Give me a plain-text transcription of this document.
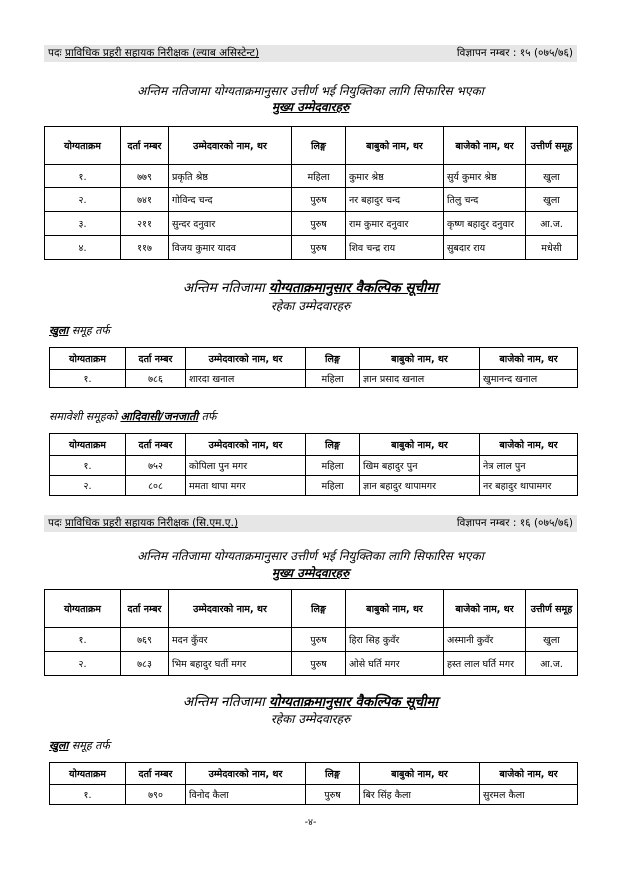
पदः प्राविधिक प्रहरी सहायक निरीक्षक (ल्याब असिस्टेन्ट)	विज्ञापन नम्बर : १५ (०७५/७६)
अन्तिम नतिजामा योग्यताक्रमानुसार उत्तीर्ण भई नियुक्तिका लागि सिफारिस भएका
मुख्य उम्मेदवारहरु
योग्यताक्रम	दर्ता नम्बर	उम्मेदवारको नाम, थर	लिङ्ग	बाबुको नाम, थर	बाजेको नाम, थर	उत्तीर्ण समूह
१.	७७९	प्रकृति श्रेष्ठ	महिला	कुमार श्रेष्ठ	सुर्य कुमार श्रेष्ठ	खुला
२.	७४१	गोविन्द चन्द	पुरुष	नर बहादुर चन्द	तिलु चन्द	खुला
३.	२११	सुन्दर दनुवार	पुरुष	राम कुमार दनुवार	कृष्ण बहादुर दनुवार	आ.ज.
४.	११७	विजय कुमार यादव	पुरुष	शिव चन्द्र राय	सुबदार राय	मधेसी
अन्तिम नतिजामा योग्यताक्रमानुसार वैकल्पिक सूचीमा
रहेका उम्मेदवारहरु
खुला समूह तर्फ
योग्यताक्रम	दर्ता नम्बर	उम्मेदवारको नाम, थर	लिङ्ग	बाबुको नाम, थर	बाजेको नाम, थर
१.	७८६	शारदा खनाल	महिला	ज्ञान प्रसाद खनाल	खुमानन्द खनाल
समावेशी समूहको आदिवासी/जनजाती तर्फ
योग्यताक्रम	दर्ता नम्बर	उम्मेदवारको नाम, थर	लिङ्ग	बाबुको नाम, थर	बाजेको नाम, थर
१.	७५२	कोपिला पुन मगर	महिला	खिम बहादुर पुन	नेत्र लाल पुन
२.	८०८	ममता थापा मगर	महिला	ज्ञान बहादुर थापामगर	नर बहादुर थापामगर
पदः प्राविधिक प्रहरी सहायक निरीक्षक (सि.एम.ए.)	विज्ञापन नम्बर : १६ (०७५/७६)
अन्तिम नतिजामा योग्यताक्रमानुसार उत्तीर्ण भई नियुक्तिका लागि सिफारिस भएका
मुख्य उम्मेदवारहरु
योग्यताक्रम	दर्ता नम्बर	उम्मेदवारको नाम, थर	लिङ्ग	बाबुको नाम, थर	बाजेको नाम, थर	उत्तीर्ण समूह
१.	७६९	मदन कुँवर	पुरुष	हिरा सिह कुवँर	अस्मानी कुवँर	खुला
२.	७८३	भिम बहादुर घर्ती मगर	पुरुष	ओसे घर्ति मगर	हस्त लाल घर्ति मगर	आ.ज.
अन्तिम नतिजामा योग्यताक्रमानुसार वैकल्पिक सूचीमा
रहेका उम्मेदवारहरु
खुला समूह तर्फ
योग्यताक्रम	दर्ता नम्बर	उम्मेदवारको नाम, थर	लिङ्ग	बाबुको नाम, थर	बाजेको नाम, थर
१.	७९०	विनोद कैला	पुरुष	बिर सिंह कैला	सुरमल कैला
-४-
